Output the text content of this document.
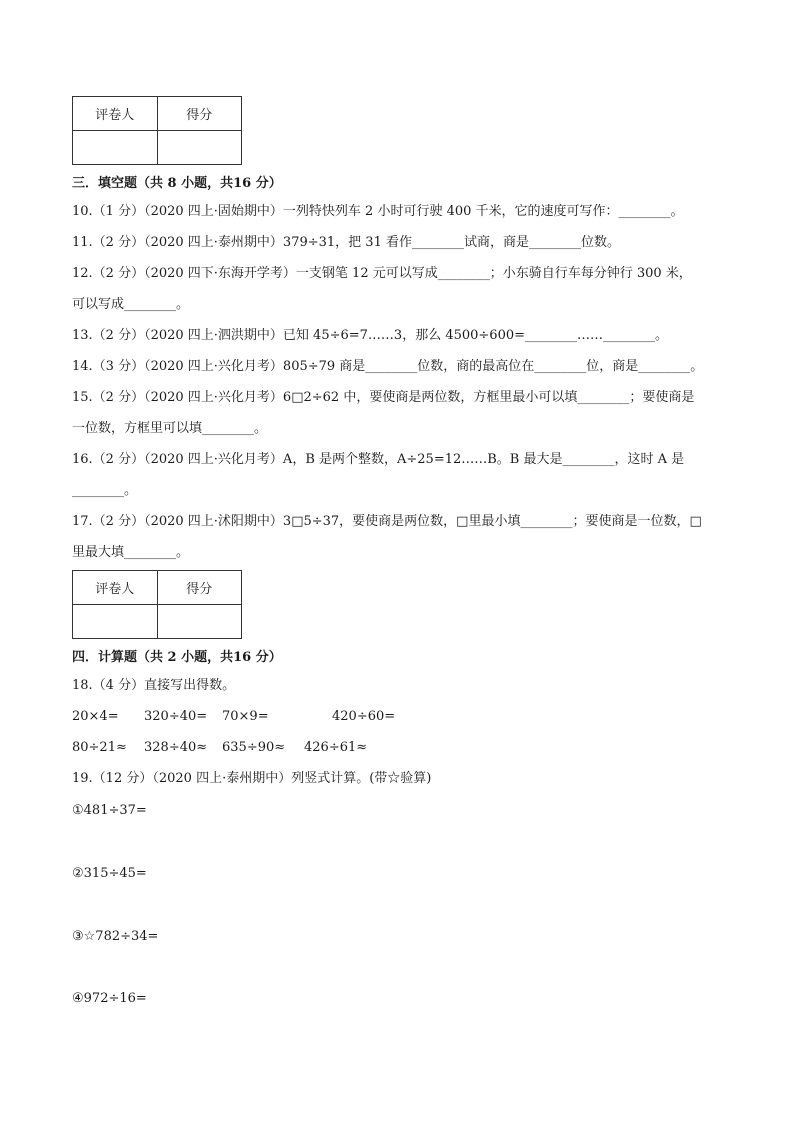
评卷人	得分

三．填空题（共 8 小题，共16 分）
10.（1 分）（2020 四上·固始期中）一列特快列车 2 小时可行驶 400 千米，它的速度可写作：________。
11.（2 分）（2020 四上·泰州期中）379÷31，把 31 看作________试商，商是________位数。
12.（2 分）（2020 四下·东海开学考）一支钢笔 12 元可以写成________；小东骑自行车每分钟行 300 米，
可以写成________。
13.（2 分）（2020 四上·泗洪期中）已知 45÷6=7……3，那么 4500÷600=________……________。
14.（3 分）（2020 四上·兴化月考）805÷79 商是________位数，商的最高位在________位，商是________。
15.（2 分）（2020 四上·兴化月考）6□2÷62 中，要使商是两位数，方框里最小可以填________；要使商是
一位数，方框里可以填________。
16.（2 分）（2020 四上·兴化月考）A，B 是两个整数，A÷25=12……B。B 最大是________，这时 A 是
________。
17.（2 分）（2020 四上·沭阳期中）3□5÷37，要使商是两位数，□里最小填________；要使商是一位数，□
里最大填________。
评卷人	得分

四．计算题（共 2 小题，共16 分）
18.（4 分）直接写出得数。
20×4= 320÷40= 70×9=	420÷60=
80÷21≈ 328÷40≈ 635÷90≈ 426÷61≈
19.（12 分）（2020 四上·泰州期中）列竖式计算。(带☆验算)
①481÷37=
②315÷45=
③☆782÷34=
④972÷16=
